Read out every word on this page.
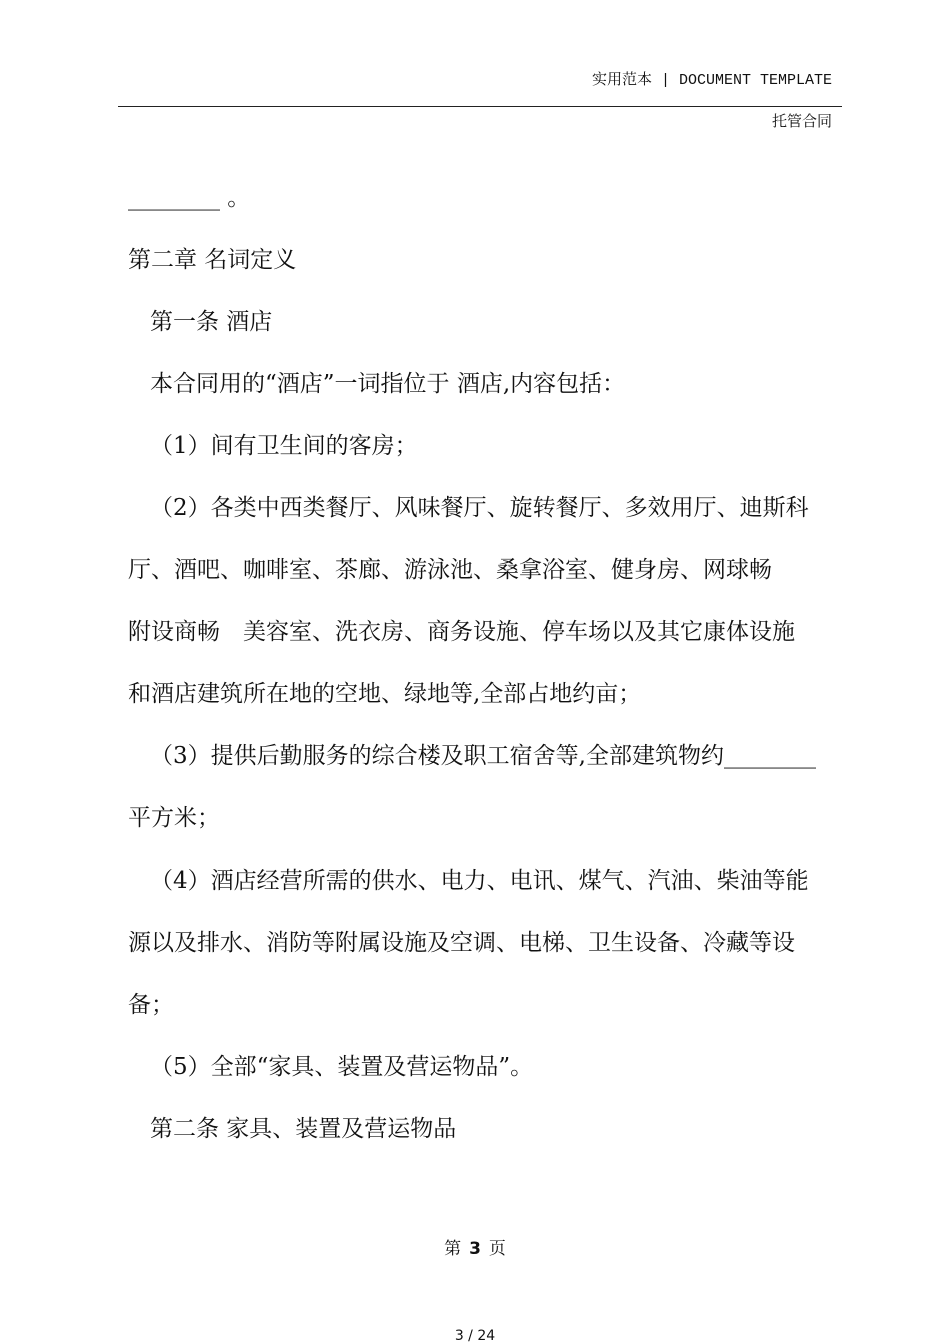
实用范本 | DOCUMENT TEMPLATE
托管合同
________ 。
第二章 名词定义
第一条 酒店
本合同用的“酒店”一词指位于 酒店,内容包括：
（1）间有卫生间的客房；
（2）各类中西类餐厅、风味餐厅、旋转餐厅、多效用厅、迪斯科
厅、酒吧、咖啡室、茶廊、游泳池、桑拿浴室、健身房、网球畅
附设商畅　美容室、洗衣房、商务设施、停车场以及其它康体设施
和酒店建筑所在地的空地、绿地等,全部占地约亩；
（3）提供后勤服务的综合楼及职工宿舍等,全部建筑物约________
平方米；
（4）酒店经营所需的供水、电力、电讯、煤气、汽油、柴油等能
源以及排水、消防等附属设施及空调、电梯、卫生设备、冷藏等设
备；
（5）全部“家具、装置及营运物品”。
第二条 家具、装置及营运物品
第 3 页
3 / 24
